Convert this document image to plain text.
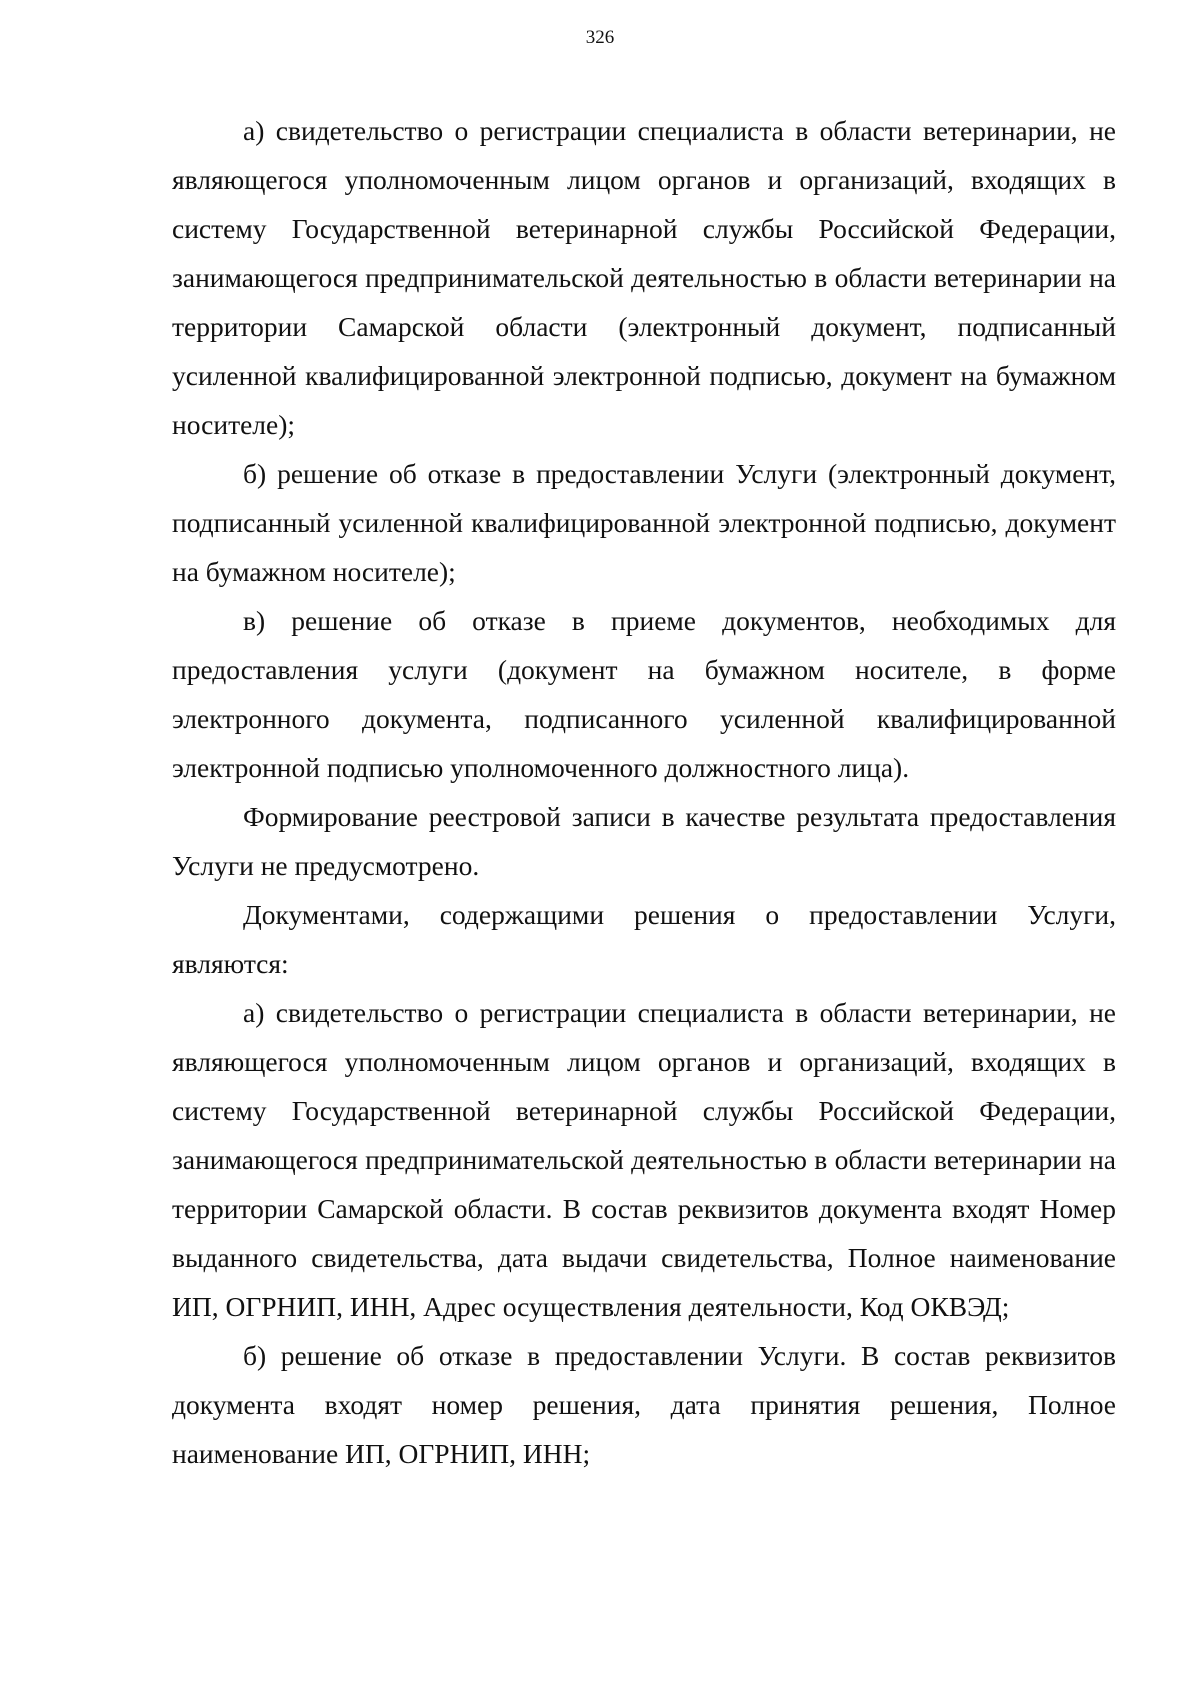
326

а) свидетельство о регистрации специалиста в области ветеринарии, не являющегося уполномоченным лицом органов и организаций, входящих в систему Государственной ветеринарной службы Российской Федерации, занимающегося предпринимательской деятельностью в области ветеринарии на территории Самарской области (электронный документ, подписанный усиленной квалифицированной электронной подписью, документ на бумажном носителе);

б) решение об отказе в предоставлении Услуги (электронный документ, подписанный усиленной квалифицированной электронной подписью, документ на бумажном носителе);

в) решение об отказе в приеме документов, необходимых для предоставления услуги (документ на бумажном носителе, в форме электронного документа, подписанного усиленной квалифицированной электронной подписью уполномоченного должностного лица).

Формирование реестровой записи в качестве результата предоставления Услуги не предусмотрено.

Документами, содержащими решения о предоставлении Услуги, являются:

а) свидетельство о регистрации специалиста в области ветеринарии, не являющегося уполномоченным лицом органов и организаций, входящих в систему Государственной ветеринарной службы Российской Федерации, занимающегося предпринимательской деятельностью в области ветеринарии на территории Самарской области. В состав реквизитов документа входят Номер выданного свидетельства, дата выдачи свидетельства, Полное наименование ИП, ОГРНИП, ИНН, Адрес осуществления деятельности, Код ОКВЭД;

б) решение об отказе в предоставлении Услуги. В состав реквизитов документа входят номер решения, дата принятия решения, Полное наименование ИП, ОГРНИП, ИНН;
